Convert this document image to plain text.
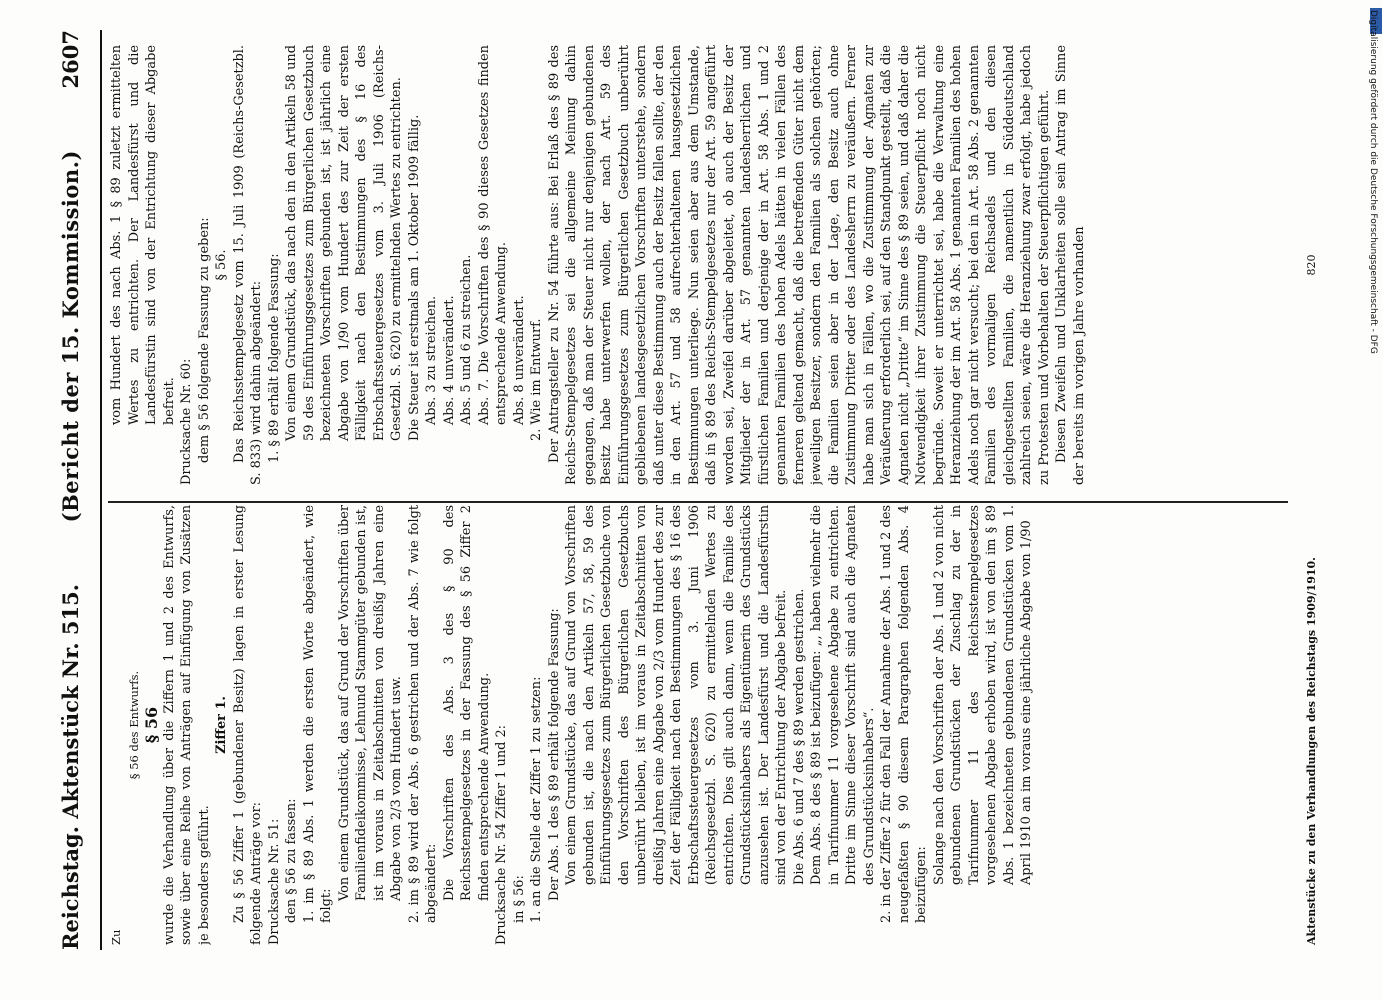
Reichstag. Aktenstück Nr. 515.
(Bericht der 15. Kommission.)
2607

Zu

§ 56 des Entwurfs. § 56 wurde die Verhandlung über die Ziffern 1 und 2 des Entwurfs, sowie über eine Reihe von Anträgen auf Einfügung von Zusätzen je besonders geführt.

Ziffer 1. Zu § 56 Ziffer 1 (gebundener Besitz) lagen in erster Lesung folgende Anträge vor: Drucksache Nr. 51: den § 56 zu fassen: 1. im § 89 Abs. 1 werden die ersten Worte abgeändert, wie folgt:

Von einem Grundstück, das auf Grund der Vorschriften über Familienfideikommisse, Lehnund Stammgüter gebunden ist, ist im voraus in Zeitabschnitten von dreißig Jahren eine Abgabe von 2/3 vom Hundert usw. 2. im § 89 wird der Abs. 6 gestrichen und der Abs. 7 wie folgt abgeändert: Die Vorschriften des Abs. 3 des § 90 des Reichsstempelgesetzes in der Fassung des § 56 Ziffer 2 finden entsprechende Anwendung. Drucksache Nr. 54 Ziffer 1 und 2: in § 56: 1. an die Stelle der Ziffer 1 zu setzen: Der Abs. 1 des § 89 erhält folgende Fassung: Von einem Grundstücke, das auf Grund von Vorschriften gebunden ist, die nach den Artikeln 57, 58, 59 des Einführungsgesetzes zum Bürgerlichen Gesetzbuche von den Vorschriften des Bürgerlichen Gesetzbuchs unberührt bleiben, ist im voraus in Zeitabschnitten von dreißig Jahren eine Abgabe von 2/3 vom Hundert des zur Zeit der Fälligkeit nach den Bestimmungen des § 16 des Erbschaftssteuergesetzes vom 3. Juni 1906 (Reichsgesetzbl. S. 620) zu ermittelnden Wertes zu entrichten. Dies gilt auch dann, wenn die Familie des Grundstücksinhabers als Eigentümerin des Grundstücks anzusehen ist. Der Landesfürst und die Landesfürstin sind von der Entrichtung der Abgabe befreit. Die Abs. 6 und 7 des § 89 werden gestrichen. Dem Abs. 8 des § 89 ist beizufügen: „, haben vielmehr die in Tarifnummer 11 vorgesehene Abgabe zu entrichten. Dritte im Sinne dieser Vorschrift sind auch die Agnaten des Grundstücksinhabers“. 2. in der Ziffer 2 für den Fall der Annahme der Abs. 1 und 2 des neugefaßten § 90 diesem Paragraphen folgenden Abs. 4 beizufügen: Solange nach den Vorschriften der Abs. 1 und 2 von nicht gebundenen Grundstücken der Zuschlag zu der in Tarifnummer 11 des Reichsstempelgesetzes vorgesehenen Abgabe erhoben wird, ist von den im § 89 Abs. 1 bezeichneten gebundenen Grundstücken vom 1. April 1910 an im voraus eine jährliche Abgabe von 1/90

vom Hundert des nach Abs. 1 § 89 zuletzt ermittelten Wertes zu entrichten. Der Landesfürst und die Landesfürstin sind von der Entrichtung dieser Abgabe befreit. Drucksache Nr. 60: dem § 56 folgende Fassung zu geben: § 56. Das Reichsstempelgesetz vom 15. Juli 1909 (Reichs-Gesetzbl. S. 833) wird dahin abgeändert: 1. § 89 erhält folgende Fassung: Von einem Grundstück, das nach den in den Artikeln 58 und 59 des Einführungsgesetzes zum Bürgerlichen Gesetzbuch bezeichneten Vorschriften gebunden ist, ist jährlich eine Abgabe von 1/90 vom Hundert des zur Zeit der ersten Fälligkeit nach den Bestimmungen des § 16 des Erbschaftssteuergesetzes vom 3. Juli 1906 (Reichs-Gesetzbl. S. 620) zu ermittelnden Wertes zu entrichten. Die Steuer ist erstmals am 1. Oktober 1909 fällig. Abs. 3 zu streichen. Abs. 4 unverändert. Abs. 5 und 6 zu streichen. Abs. 7. Die Vorschriften des § 90 dieses Gesetzes finden entsprechende Anwendung. Abs. 8 unverändert. 2. Wie im Entwurf. Der Antragsteller zu Nr. 54 führte aus: Bei Erlaß des § 89 des Reichs-Stempelgesetzes sei die allgemeine Meinung dahin gegangen, daß man der Steuer nicht nur denjenigen gebundenen Besitz habe unterwerfen wollen, der nach Art. 59 des Einführungsgesetzes zum Bürgerlichen Gesetzbuch unberührt gebliebenen landesgesetzlichen Vorschriften unterstehe, sondern daß unter diese Bestimmung auch der Besitz fallen sollte, der den in den Art. 57 und 58 aufrechterhaltenen hausgesetzlichen Bestimmungen unterliege. Nun seien aber aus dem Umstande, daß in § 89 des Reichs-Stempelgesetzes nur der Art. 59 angeführt worden sei, Zweifel darüber abgeleitet, ob auch der Besitz der Mitglieder der in Art. 57 genannten landesherrlichen und fürstlichen Familien und derjenige der in Art. 58 Abs. 1 und 2 genannten Familien des hohen Adels hätten in vielen Fällen des ferneren geltend gemacht, daß die betreffenden Güter nicht dem jeweiligen Besitzer, sondern den Familien als solchen gehörten; die Familien seien aber in der Lage, den Besitz auch ohne Zustimmung Dritter oder des Landesherrn zu veräußern. Ferner habe man sich in Fällen, wo die Zustimmung der Agnaten zur Veräußerung erforderlich sei, auf den Standpunkt gestellt, daß die Agnaten nicht „Dritte“ im Sinne des § 89 seien, und daß daher die Notwendigkeit ihrer Zustimmung die Steuerpflicht noch nicht begründe. Soweit er unterrichtet sei, habe die Verwaltung eine Heranziehung der im Art. 58 Abs. 1 genannten Familien des hohen Adels noch gar nicht versucht; bei den in Art. 58 Abs. 2 genannten Familien des vormaligen Reichsadels und den diesen gleichgestellten Familien, die namentlich in Süddeutschland zahlreich seien, wäre die Heranziehung zwar erfolgt, habe jedoch zu Protesten und Vorbehalten der Steuerpflichtigen geführt. Diesen Zweifeln und Unklarheiten solle sein Antrag im Sinne der bereits im vorigen Jahre vorhanden

Aktenstücke zu den Verhandlungen des Reichstags 1909/1910.
820	Digitalisierung gefördert durch die Deutsche Forschungsgemeinschaft - DFG
